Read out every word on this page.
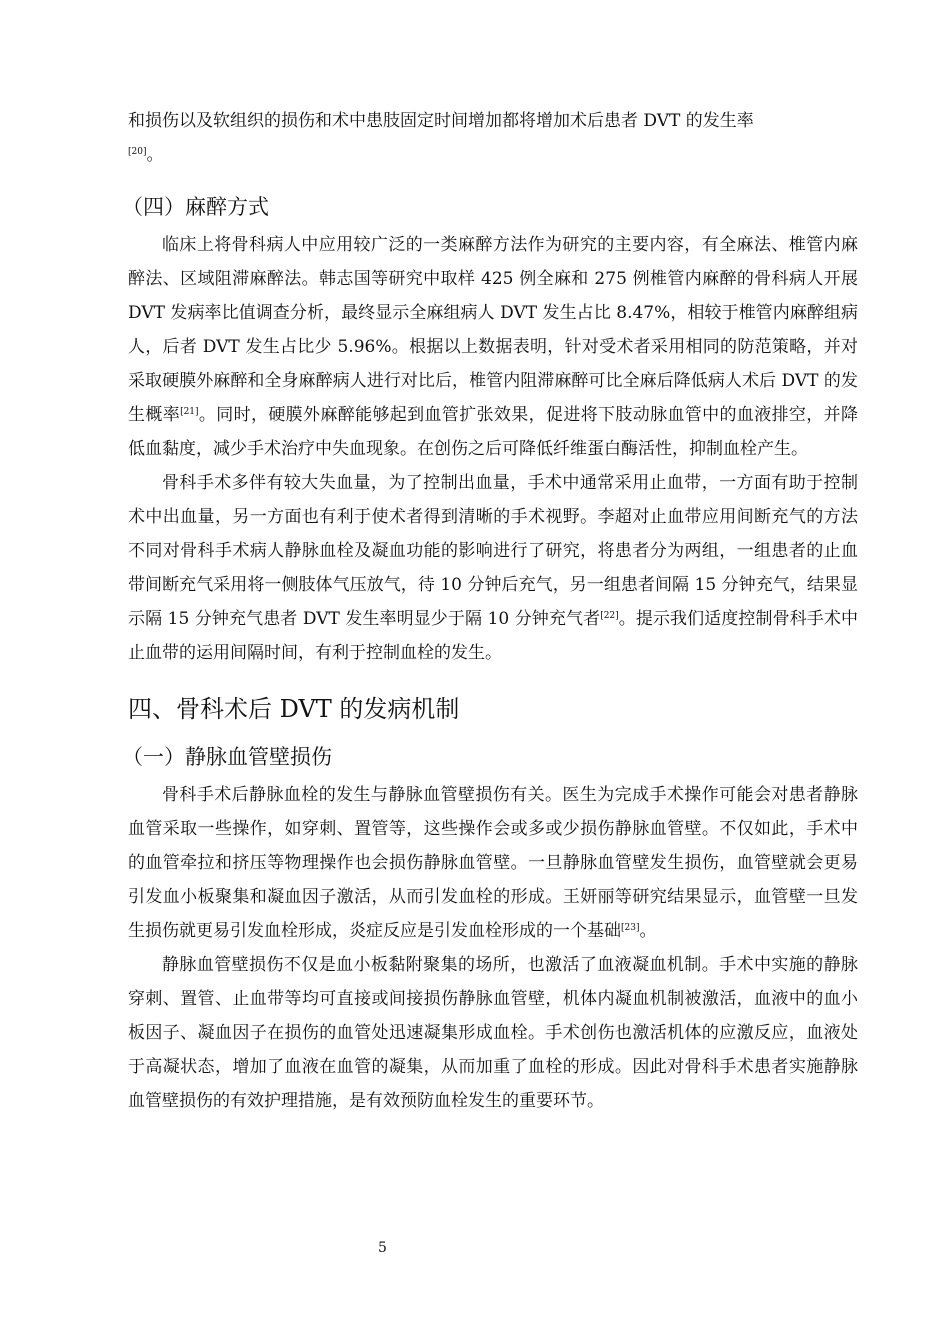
和损伤以及软组织的损伤和术中患肢固定时间增加都将增加术后患者 DVT 的发生率
[20]。

（四）麻醉方式

临床上将骨科病人中应用较广泛的一类麻醉方法作为研究的主要内容，有全麻法、椎管内麻醉法、区域阻滞麻醉法。韩志国等研究中取样 425 例全麻和 275 例椎管内麻醉的骨科病人开展 DVT 发病率比值调查分析，最终显示全麻组病人 DVT 发生占比 8.47%，相较于椎管内麻醉组病人，后者 DVT 发生占比少 5.96%。根据以上数据表明，针对受术者采用相同的防范策略，并对采取硬膜外麻醉和全身麻醉病人进行对比后，椎管内阻滞麻醉可比全麻后降低病人术后 DVT 的发生概率[21]。同时，硬膜外麻醉能够起到血管扩张效果，促进将下肢动脉血管中的血液排空，并降低血黏度，减少手术治疗中失血现象。在创伤之后可降低纤维蛋白酶活性，抑制血栓产生。

骨科手术多伴有较大失血量，为了控制出血量，手术中通常采用止血带，一方面有助于控制术中出血量，另一方面也有利于使术者得到清晰的手术视野。李超对止血带应用间断充气的方法不同对骨科手术病人静脉血栓及凝血功能的影响进行了研究，将患者分为两组，一组患者的止血带间断充气采用将一侧肢体气压放气，待 10 分钟后充气，另一组患者间隔 15 分钟充气，结果显示隔 15 分钟充气患者 DVT 发生率明显少于隔 10 分钟充气者[22]。提示我们适度控制骨科手术中止血带的运用间隔时间，有利于控制血栓的发生。

四、骨科术后 DVT 的发病机制
（一）静脉血管壁损伤

骨科手术后静脉血栓的发生与静脉血管壁损伤有关。医生为完成手术操作可能会对患者静脉血管采取一些操作，如穿刺、置管等，这些操作会或多或少损伤静脉血管壁。不仅如此，手术中的血管牵拉和挤压等物理操作也会损伤静脉血管壁。一旦静脉血管壁发生损伤，血管壁就会更易引发血小板聚集和凝血因子激活，从而引发血栓的形成。王妍丽等研究结果显示，血管壁一旦发生损伤就更易引发血栓形成，炎症反应是引发血栓形成的一个基础[23]。

静脉血管壁损伤不仅是血小板黏附聚集的场所，也激活了血液凝血机制。手术中实施的静脉穿刺、置管、止血带等均可直接或间接损伤静脉血管壁，机体内凝血机制被激活，血液中的血小板因子、凝血因子在损伤的血管处迅速凝集形成血栓。手术创伤也激活机体的应激反应，血液处于高凝状态，增加了血液在血管的凝集，从而加重了血栓的形成。因此对骨科手术患者实施静脉血管壁损伤的有效护理措施，是有效预防血栓发生的重要环节。

5
